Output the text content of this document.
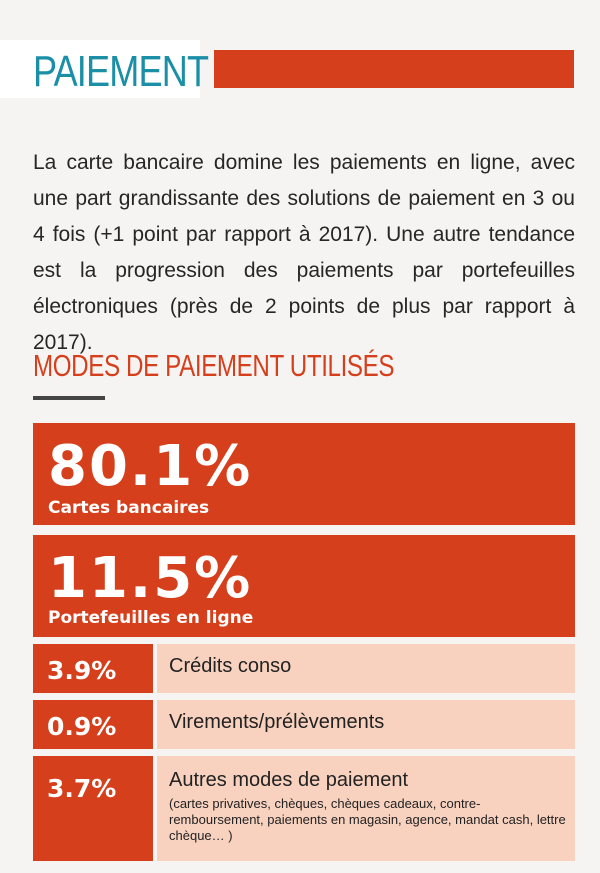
PAIEMENT

La carte bancaire domine les paiements en ligne, avec une part grandissante des solutions de paiement en 3 ou 4 fois (+1 point par rapport à 2017). Une autre tendance est la progression des paiements par portefeuilles électroniques (près de 2 points de plus par rapport à 2017).

MODES DE PAIEMENT UTILISÉS
80.1%
Cartes bancaires
11.5%
Portefeuilles en ligne
3.9%	Crédits conso
0.9%	Virements/prélèvements
3.7%	Autres modes de paiement
(cartes privatives, chèques, chèques cadeaux, contre-remboursement, paiements en magasin, agence, mandat cash, lettre chèque… )
